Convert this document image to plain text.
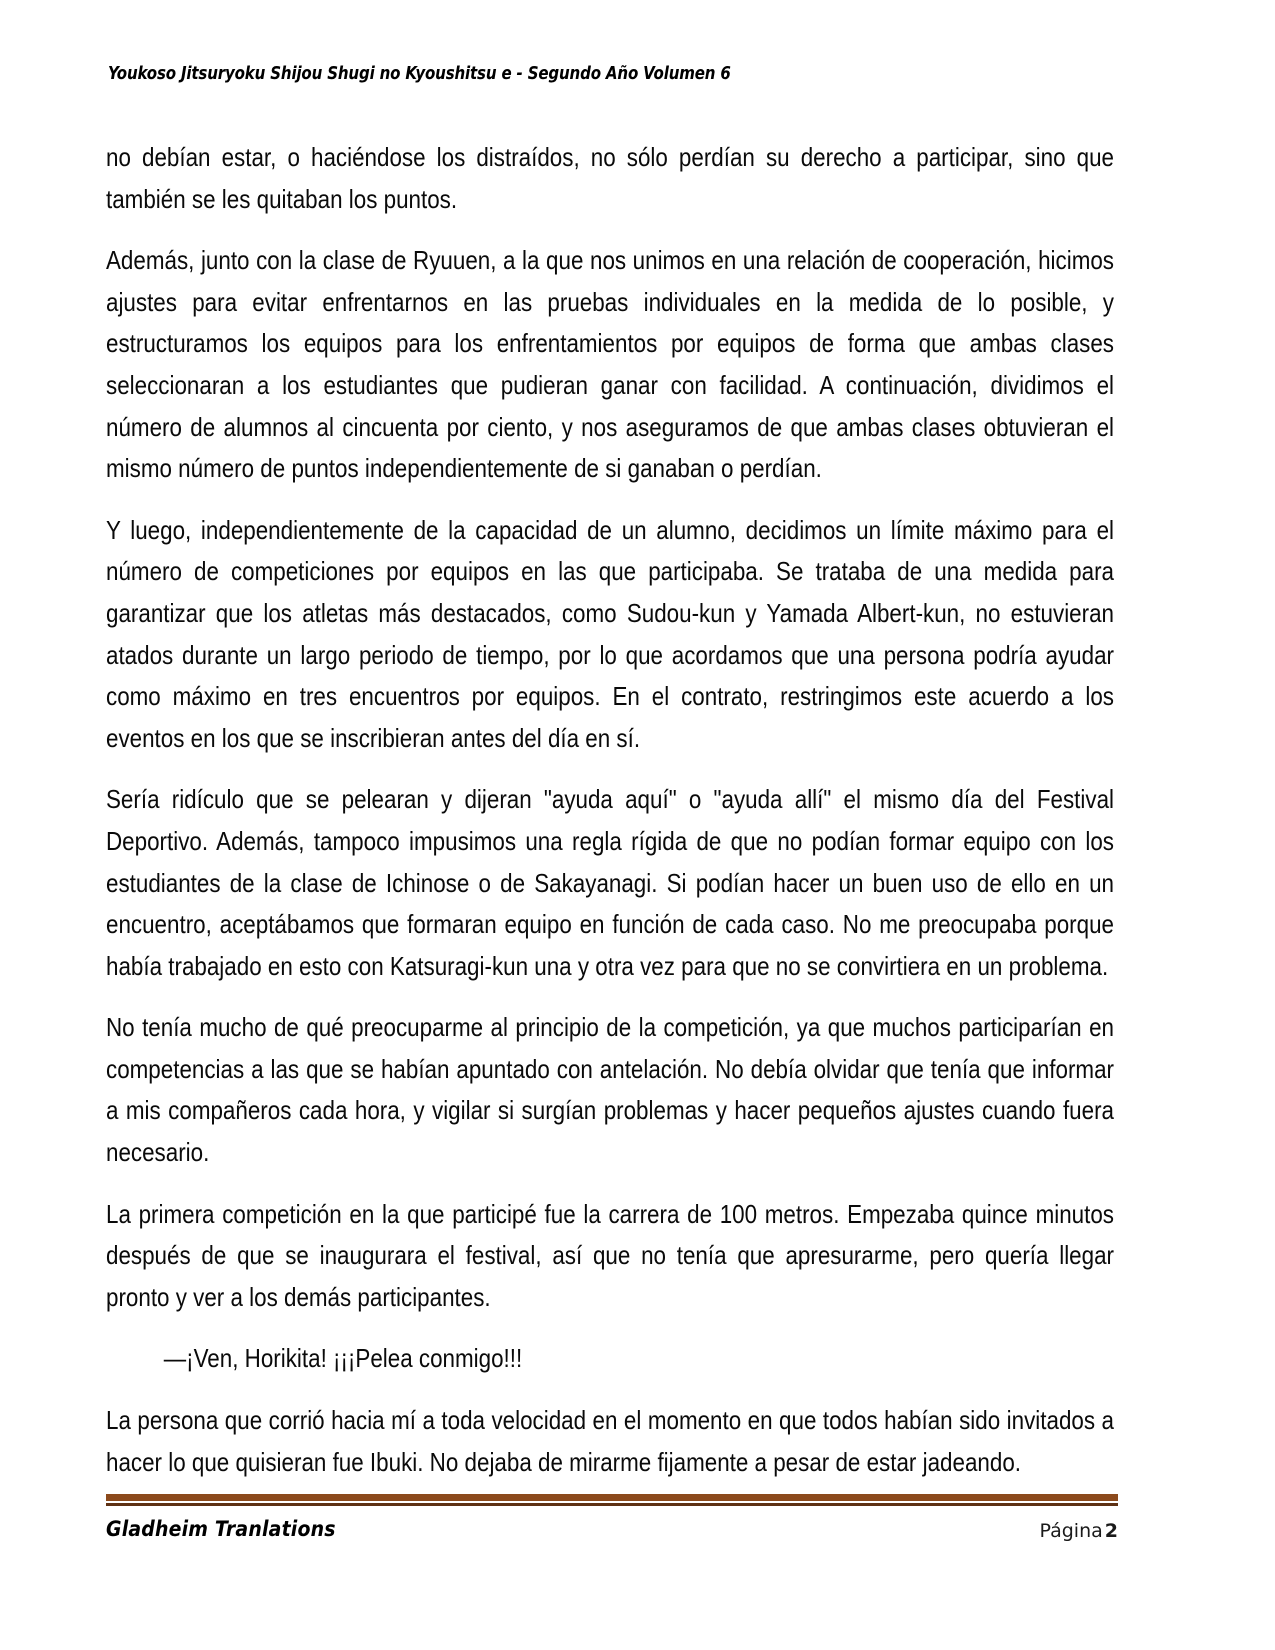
Youkoso Jitsuryoku Shijou Shugi no Kyoushitsu e - Segundo Año Volumen 6

no debían estar, o haciéndose los distraídos, no sólo perdían su derecho a participar, sino que también se les quitaban los puntos.

Además, junto con la clase de Ryuuen, a la que nos unimos en una relación de cooperación, hicimos ajustes para evitar enfrentarnos en las pruebas individuales en la medida de lo posible, y estructuramos los equipos para los enfrentamientos por equipos de forma que ambas clases seleccionaran a los estudiantes que pudieran ganar con facilidad. A continuación, dividimos el número de alumnos al cincuenta por ciento, y nos aseguramos de que ambas clases obtuvieran el mismo número de puntos independientemente de si ganaban o perdían.

Y luego, independientemente de la capacidad de un alumno, decidimos un límite máximo para el número de competiciones por equipos en las que participaba. Se trataba de una medida para garantizar que los atletas más destacados, como Sudou-kun y Yamada Albert-kun, no estuvieran atados durante un largo periodo de tiempo, por lo que acordamos que una persona podría ayudar como máximo en tres encuentros por equipos. En el contrato, restringimos este acuerdo a los eventos en los que se inscribieran antes del día en sí.

Sería ridículo que se pelearan y dijeran "ayuda aquí" o "ayuda allí" el mismo día del Festival Deportivo. Además, tampoco impusimos una regla rígida de que no podían formar equipo con los estudiantes de la clase de Ichinose o de Sakayanagi. Si podían hacer un buen uso de ello en un encuentro, aceptábamos que formaran equipo en función de cada caso. No me preocupaba porque había trabajado en esto con Katsuragi-kun una y otra vez para que no se convirtiera en un problema.

No tenía mucho de qué preocuparme al principio de la competición, ya que muchos participarían en competencias a las que se habían apuntado con antelación. No debía olvidar que tenía que informar a mis compañeros cada hora, y vigilar si surgían problemas y hacer pequeños ajustes cuando fuera necesario.

La primera competición en la que participé fue la carrera de 100 metros. Empezaba quince minutos después de que se inaugurara el festival, así que no tenía que apresurarme, pero quería llegar pronto y ver a los demás participantes.

—¡Ven, Horikita! ¡¡¡Pelea conmigo!!!

La persona que corrió hacia mí a toda velocidad en el momento en que todos habían sido invitados a hacer lo que quisieran fue Ibuki. No dejaba de mirarme fijamente a pesar de estar jadeando.

Gladheim Tranlations	Página 2
